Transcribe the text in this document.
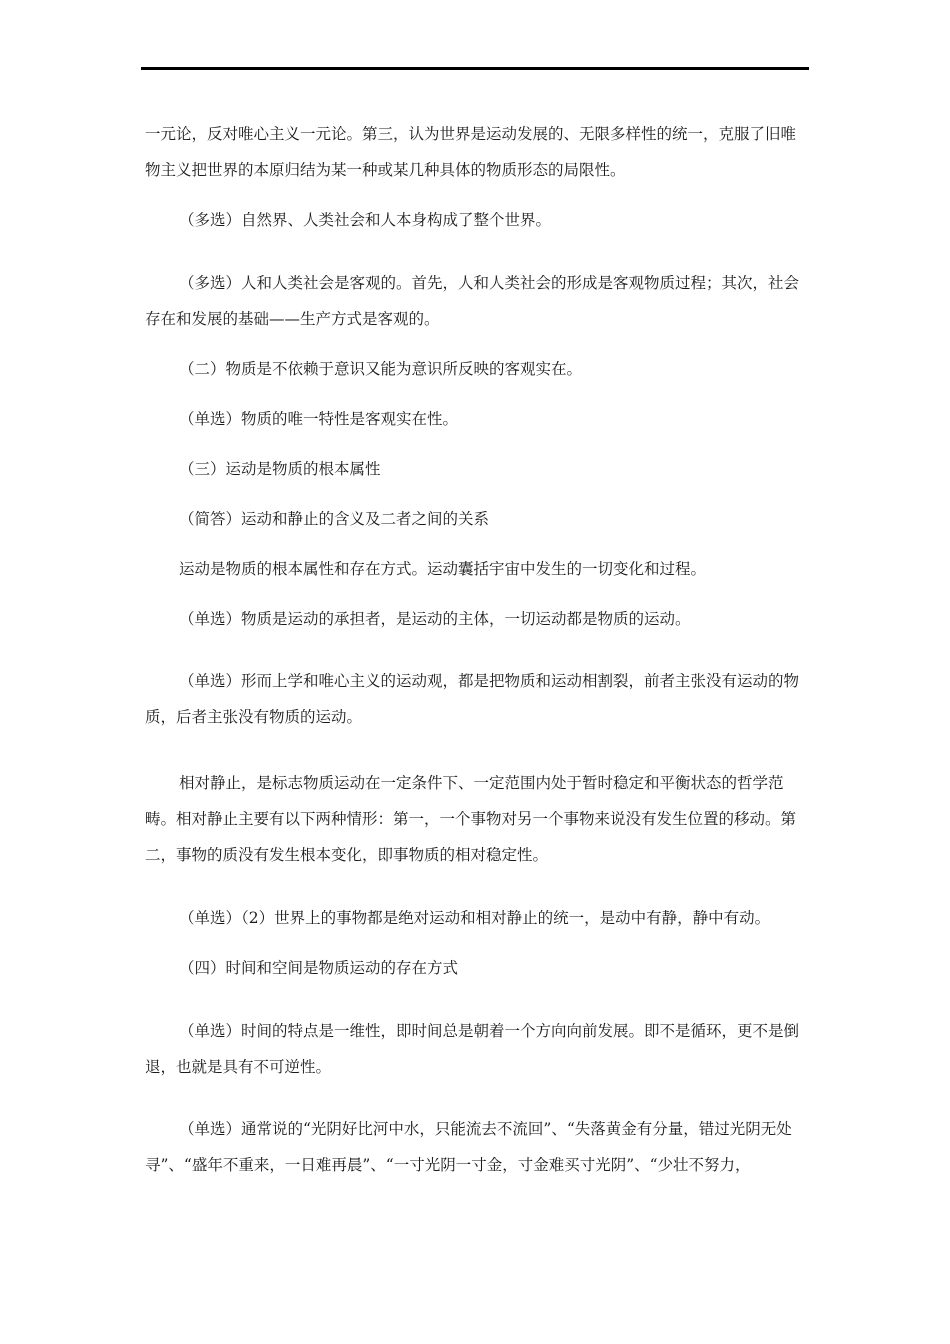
一元论，反对唯心主义一元论。第三，认为世界是运动发展的、无限多样性的统一，克服了旧唯物主义把世界的本原归结为某一种或某几种具体的物质形态的局限性。

（多选）自然界、人类社会和人本身构成了整个世界。

（多选）人和人类社会是客观的。首先，人和人类社会的形成是客观物质过程；其次，社会存在和发展的基础——生产方式是客观的。

（二）物质是不依赖于意识又能为意识所反映的客观实在。

（单选）物质的唯一特性是客观实在性。

（三）运动是物质的根本属性

（简答）运动和静止的含义及二者之间的关系

运动是物质的根本属性和存在方式。运动囊括宇宙中发生的一切变化和过程。

（单选）物质是运动的承担者，是运动的主体，一切运动都是物质的运动。

（单选）形而上学和唯心主义的运动观，都是把物质和运动相割裂，前者主张没有运动的物质，后者主张没有物质的运动。

相对静止，是标志物质运动在一定条件下、一定范围内处于暂时稳定和平衡状态的哲学范畴。相对静止主要有以下两种情形：第一，一个事物对另一个事物来说没有发生位置的移动。第二，事物的质没有发生根本变化，即事物质的相对稳定性。

（单选）（2）世界上的事物都是绝对运动和相对静止的统一，是动中有静，静中有动。

（四）时间和空间是物质运动的存在方式

（单选）时间的特点是一维性，即时间总是朝着一个方向向前发展。即不是循环，更不是倒退，也就是具有不可逆性。

（单选）通常说的“光阴好比河中水，只能流去不流回”、“失落黄金有分量，错过光阴无处寻”、“盛年不重来，一日难再晨”、“一寸光阴一寸金，寸金难买寸光阴”、“少壮不努力，
